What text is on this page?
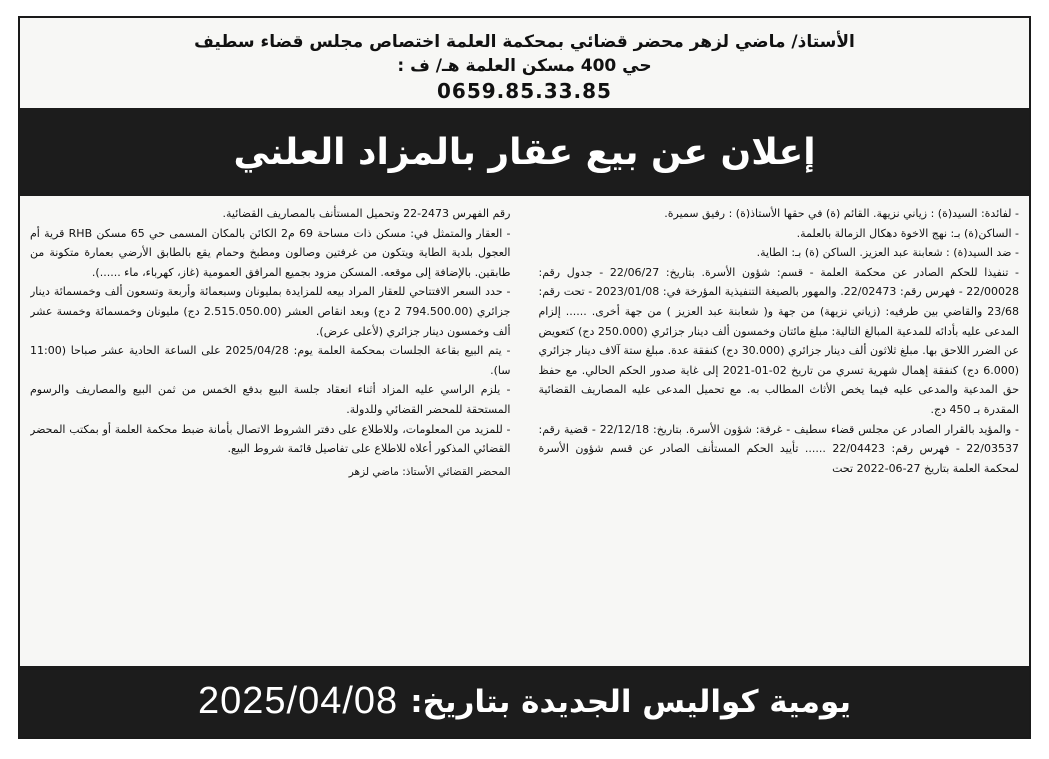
الأستاذ/ ماضي لزهر محضر قضائي بمحكمة العلمة اختصاص مجلس قضاء سطيف
حي 400 مسكن العلمة هـ/ ف :
0659.85.33.85
إعلان عن بيع عقار بالمزاد العلني

- لفائدة: السيد(ة) : زياني نزيهة. القائم (ة) في حقها الأستاذ(ة) : رفيق سميرة.

- الساكن(ة) بـ: نهج الاخوة دهكال الزمالة بالعلمة.

- ضد السيد(ة) : شعابنة عبد العزيز. الساكن (ة) بـ: الطاية.

- تنفيذا للحكم الصادر عن محكمة العلمة - قسم: شؤون الأسرة. بتاريخ: 22/06/27 - جدول رقم: 22/00028 - فهرس رقم: 22/02473. والمهور بالصيغة التنفيذية المؤرخة في: 2023/01/08 - تحت رقم: 23/68 والقاضي بين طرفيه: (زياني نزيهة) من جهة و( شعابنة عبد العزيز ) من جهة أخرى. ...... إلزام المدعى عليه بأدائه للمدعية المبالغ التالية: مبلغ مائتان وخمسون ألف دينار جزائري (250.000 دج) كتعويض عن الضرر اللاحق بها. مبلغ ثلاثون ألف دينار جزائري (30.000 دج) كنفقة عدة. مبلغ ستة آلاف دينار جزائري (6.000 دج) كنفقة إهمال شهرية تسري من تاريخ 02-01-2021 إلى غاية صدور الحكم الحالي. مع حفظ حق المدعية والمدعى عليه فيما يخص الأثاث المطالب به. مع تحميل المدعى عليه المصاريف القضائية المقدرة بـ 450 دج.

- والمؤيد بالقرار الصادر عن مجلس قضاء سطيف - غرفة: شؤون الأسرة. بتاريخ: 22/12/18 - قضية رقم: 22/03537 - فهرس رقم: 22/04423 ...... تأييد الحكم المستأنف الصادر عن قسم شؤون الأسرة لمحكمة العلمة بتاريخ 27-06-2022 تحت

رقم الفهرس 2473-22 وتحميل المستأنف بالمصاريف القضائية.

- العقار والمتمثل في: مسكن ذات مساحة 69 م2 الكائن بالمكان المسمى حي 65 مسكن RHB قرية أم العجول بلدية الطاية ويتكون من غرفتين وصالون ومطبخ وحمام يقع بالطابق الأرضي بعمارة متكونة من طابقين. بالإضافة إلى موقعه. المسكن مزود بجميع المرافق العمومية (غاز، كهرباء، ماء ......).

- حدد السعر الافتتاحي للعقار المراد بيعه للمزايدة بمليونان وسبعمائة وأربعة وتسعون ألف وخمسمائة دينار جزائري (794.500.00 2 دج) وبعد انقاص العشر (2.515.050.00 دج) مليونان وخمسمائة وخمسة عشر ألف وخمسون دينار جزائري (لأعلى عرض).

- يتم البيع بقاعة الجلسات بمحكمة العلمة يوم: 2025/04/28 على الساعة الحادية عشر صباحا (11:00 سا).

- يلزم الراسي عليه المزاد أثناء انعقاد جلسة البيع بدفع الخمس من ثمن البيع والمصاريف والرسوم المستحقة للمحضر القضائي وللدولة.

- للمزيد من المعلومات، وللاطلاع على دفتر الشروط الاتصال بأمانة ضبط محكمة العلمة أو بمكتب المحضر القضائي المذكور أعلاه للاطلاع على تفاصيل قائمة شروط البيع.

المحضر القضائي الأستاذ: ماضي لزهر

يومية كواليس الجديدة بتاريخ:
2025/04/08
